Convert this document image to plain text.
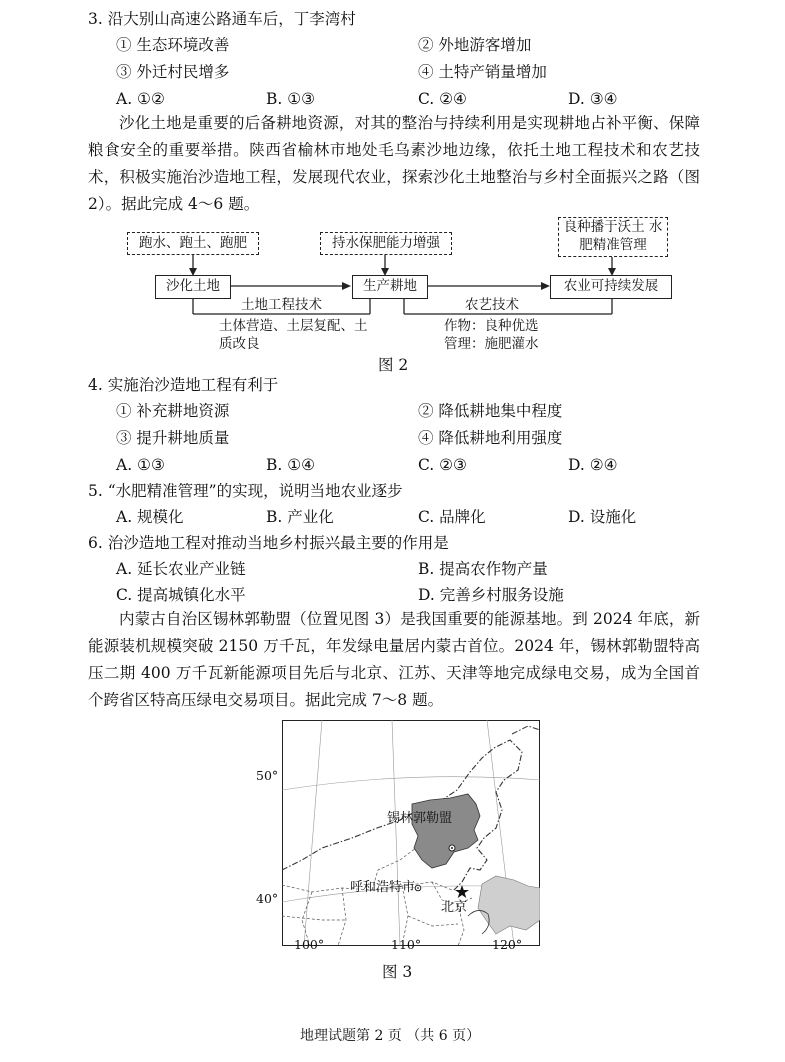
3. 沿大别山高速公路通车后，丁李湾村
① 生态环境改善	② 外地游客增加
③ 外迁村民增多	④ 土特产销量增加
A. ①②	B. ①③	C. ②④	D. ③④
沙化土地是重要的后备耕地资源，对其的整治与持续利用是实现耕地占补平衡、保障粮食安全的重要举措。陕西省榆林市地处毛乌素沙地边缘，依托土地工程技术和农艺技术，积极实施治沙造地工程，发展现代农业，探索沙化土地整治与乡村全面振兴之路（图 2）。据此完成 4～6 题。
跑水、跑土、跑肥	持水保肥能力增强
良种播于沃土 水肥精准管理
沙化土地	生产耕地	农业可持续发展
土地工程技术	农艺技术
土体营造、土层复配、土质改良
作物：良种优选
管理：施肥灌水
图 2
4. 实施治沙造地工程有利于
① 补充耕地资源	② 降低耕地集中程度
③ 提升耕地质量	④ 降低耕地利用强度
A. ①③	B. ①④	C. ②③	D. ②④
5. “水肥精准管理”的实现，说明当地农业逐步
A. 规模化	B. 产业化	C. 品牌化	D. 设施化
6. 治沙造地工程对推动当地乡村振兴最主要的作用是
A. 延长农业产业链	B. 提高农作物产量
C. 提高城镇化水平	D. 完善乡村服务设施
内蒙古自治区锡林郭勒盟（位置见图 3）是我国重要的能源基地。到 2024 年底，新能源装机规模突破 2150 万千瓦，年发绿电量居内蒙古首位。2024 年，锡林郭勒盟特高压二期 400 万千瓦新能源项目先后与北京、江苏、天津等地完成绿电交易，成为全国首个跨省区特高压绿电交易项目。据此完成 7～8 题。
锡林郭勒盟
呼和浩特市
北京
50°
40°
100°	110°	120°
图 3
地理试题第 2 页 （共 6 页）
